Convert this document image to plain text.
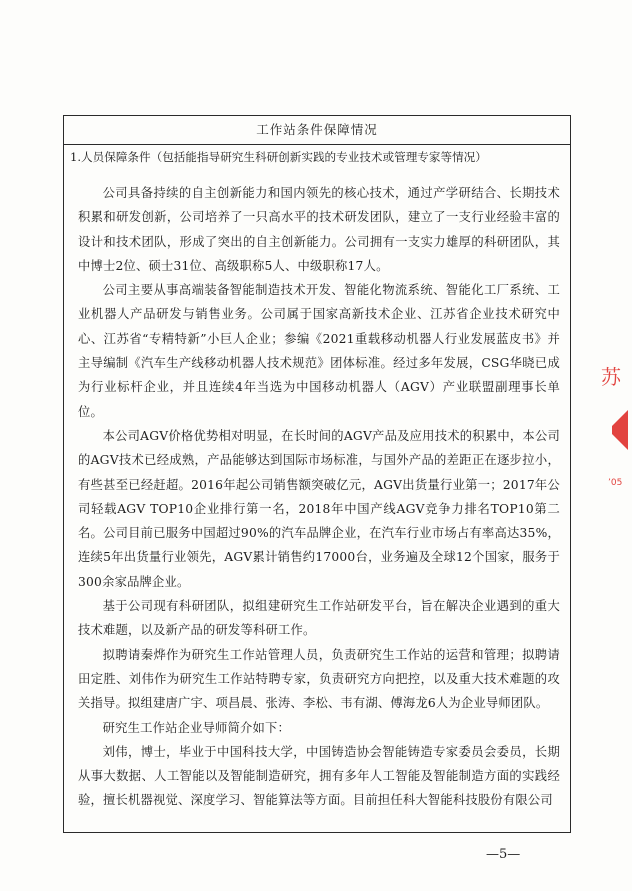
工作站条件保障情况
1.人员保障条件（包括能指导研究生科研创新实践的专业技术或管理专家等情况）

公司具备持续的自主创新能力和国内领先的核心技术，通过产学研结合、长期技术积累和研发创新，公司培养了一只高水平的技术研发团队，建立了一支行业经验丰富的设计和技术团队，形成了突出的自主创新能力。公司拥有一支实力雄厚的科研团队，其中博士2位、硕士31位、高级职称5人、中级职称17人。

公司主要从事高端装备智能制造技术开发、智能化物流系统、智能化工厂系统、工业机器人产品研发与销售业务。公司属于国家高新技术企业、江苏省企业技术研究中心、江苏省“专精特新”小巨人企业；参编《2021重载移动机器人行业发展蓝皮书》并主导编制《汽车生产线移动机器人技术规范》团体标准。经过多年发展，CSG华晓已成为行业标杆企业，并且连续4年当选为中国移动机器人（AGV）产业联盟副理事长单位。

本公司AGV价格优势相对明显，在长时间的AGV产品及应用技术的积累中，本公司的AGV技术已经成熟，产品能够达到国际市场标准，与国外产品的差距正在逐步拉小，有些甚至已经赶超。2016年起公司销售额突破亿元，AGV出货量行业第一；2017年公司轻载AGV TOP10企业排行第一名，2018年中国产线AGV竞争力排名TOP10第二名。公司目前已服务中国超过90%的汽车品牌企业，在汽车行业市场占有率高达35%，连续5年出货量行业领先，AGV累计销售约17000台，业务遍及全球12个国家，服务于300余家品牌企业。

基于公司现有科研团队，拟组建研究生工作站研发平台，旨在解决企业遇到的重大技术难题，以及新产品的研发等科研工作。

拟聘请秦烨作为研究生工作站管理人员，负责研究生工作站的运营和管理；拟聘请田定胜、刘伟作为研究生工作站特聘专家，负责研究方向把控，以及重大技术难题的攻关指导。拟组建唐广宇、项昌晨、张涛、李松、韦有湖、傅海龙6人为企业导师团队。

研究生工作站企业导师简介如下：

刘伟，博士，毕业于中国科技大学，中国铸造协会智能铸造专家委员会委员，长期从事大数据、人工智能以及智能制造研究，拥有多年人工智能及智能制造方面的实践经验，擅长机器视觉、深度学习、智能算法等方面。目前担任科大智能科技股份有限公司

—5—
苏
’05
